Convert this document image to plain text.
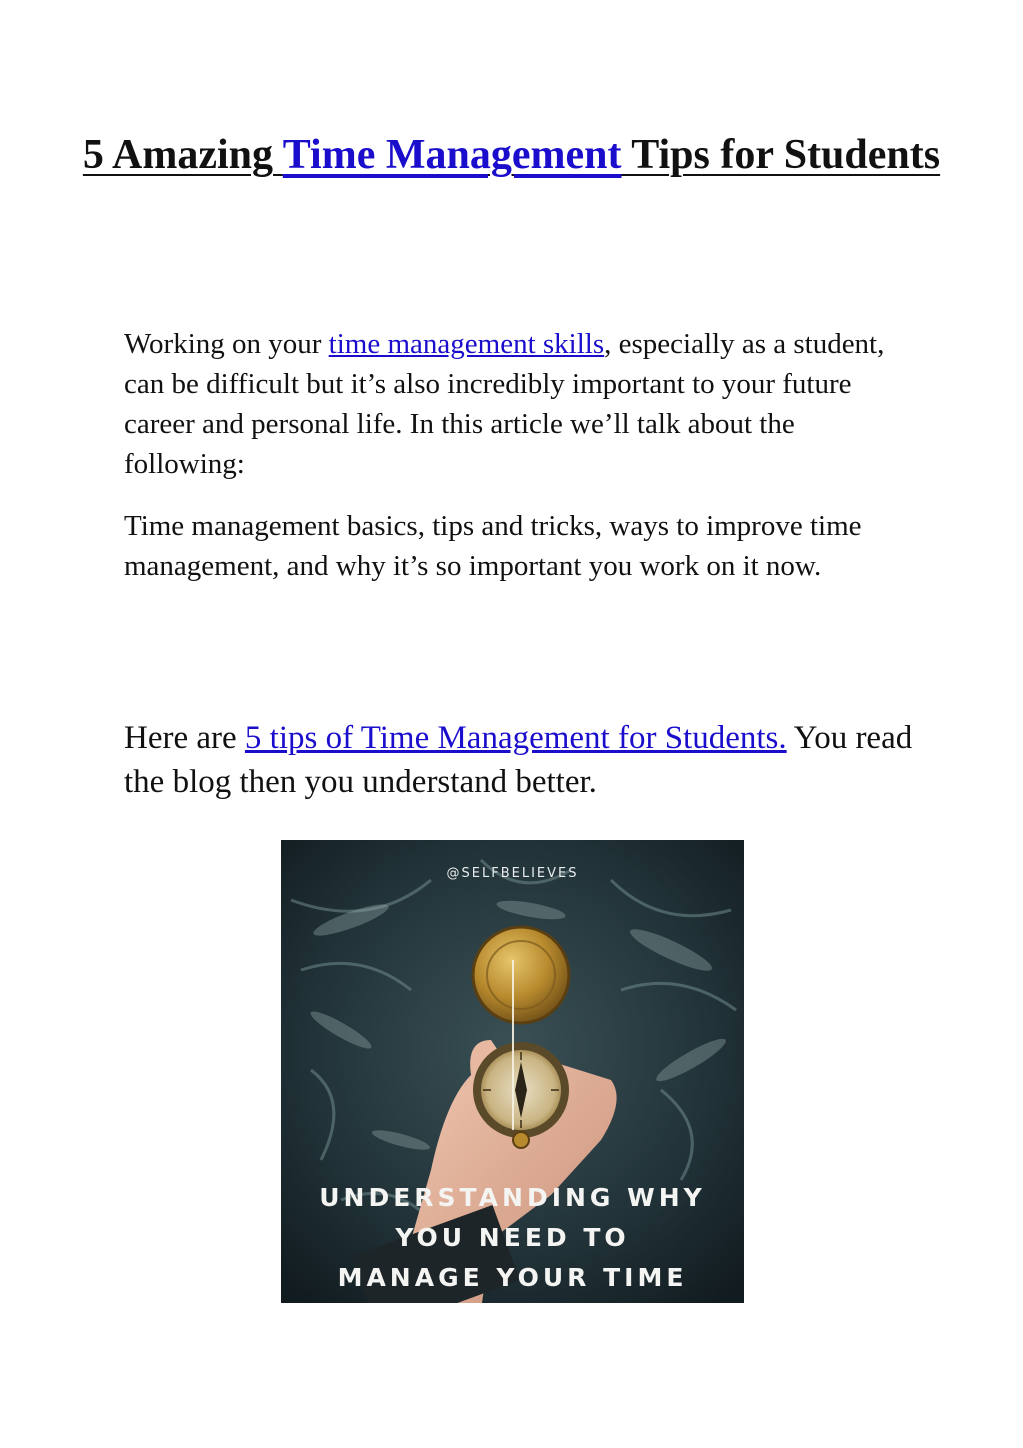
5 Amazing Time Management Tips for Students

Working on your time management skills, especially as a student, can be difficult but it’s also incredibly important to your future career and personal life. In this article we’ll talk about the following:

Time management basics, tips and tricks, ways to improve time management, and why it’s so important you work on it now.

Here are 5 tips of Time Management for Students. You read the blog then you understand better.

@SELFBELIEVES
UNDERSTANDING WHY
YOU NEED TO
MANAGE YOUR TIME
